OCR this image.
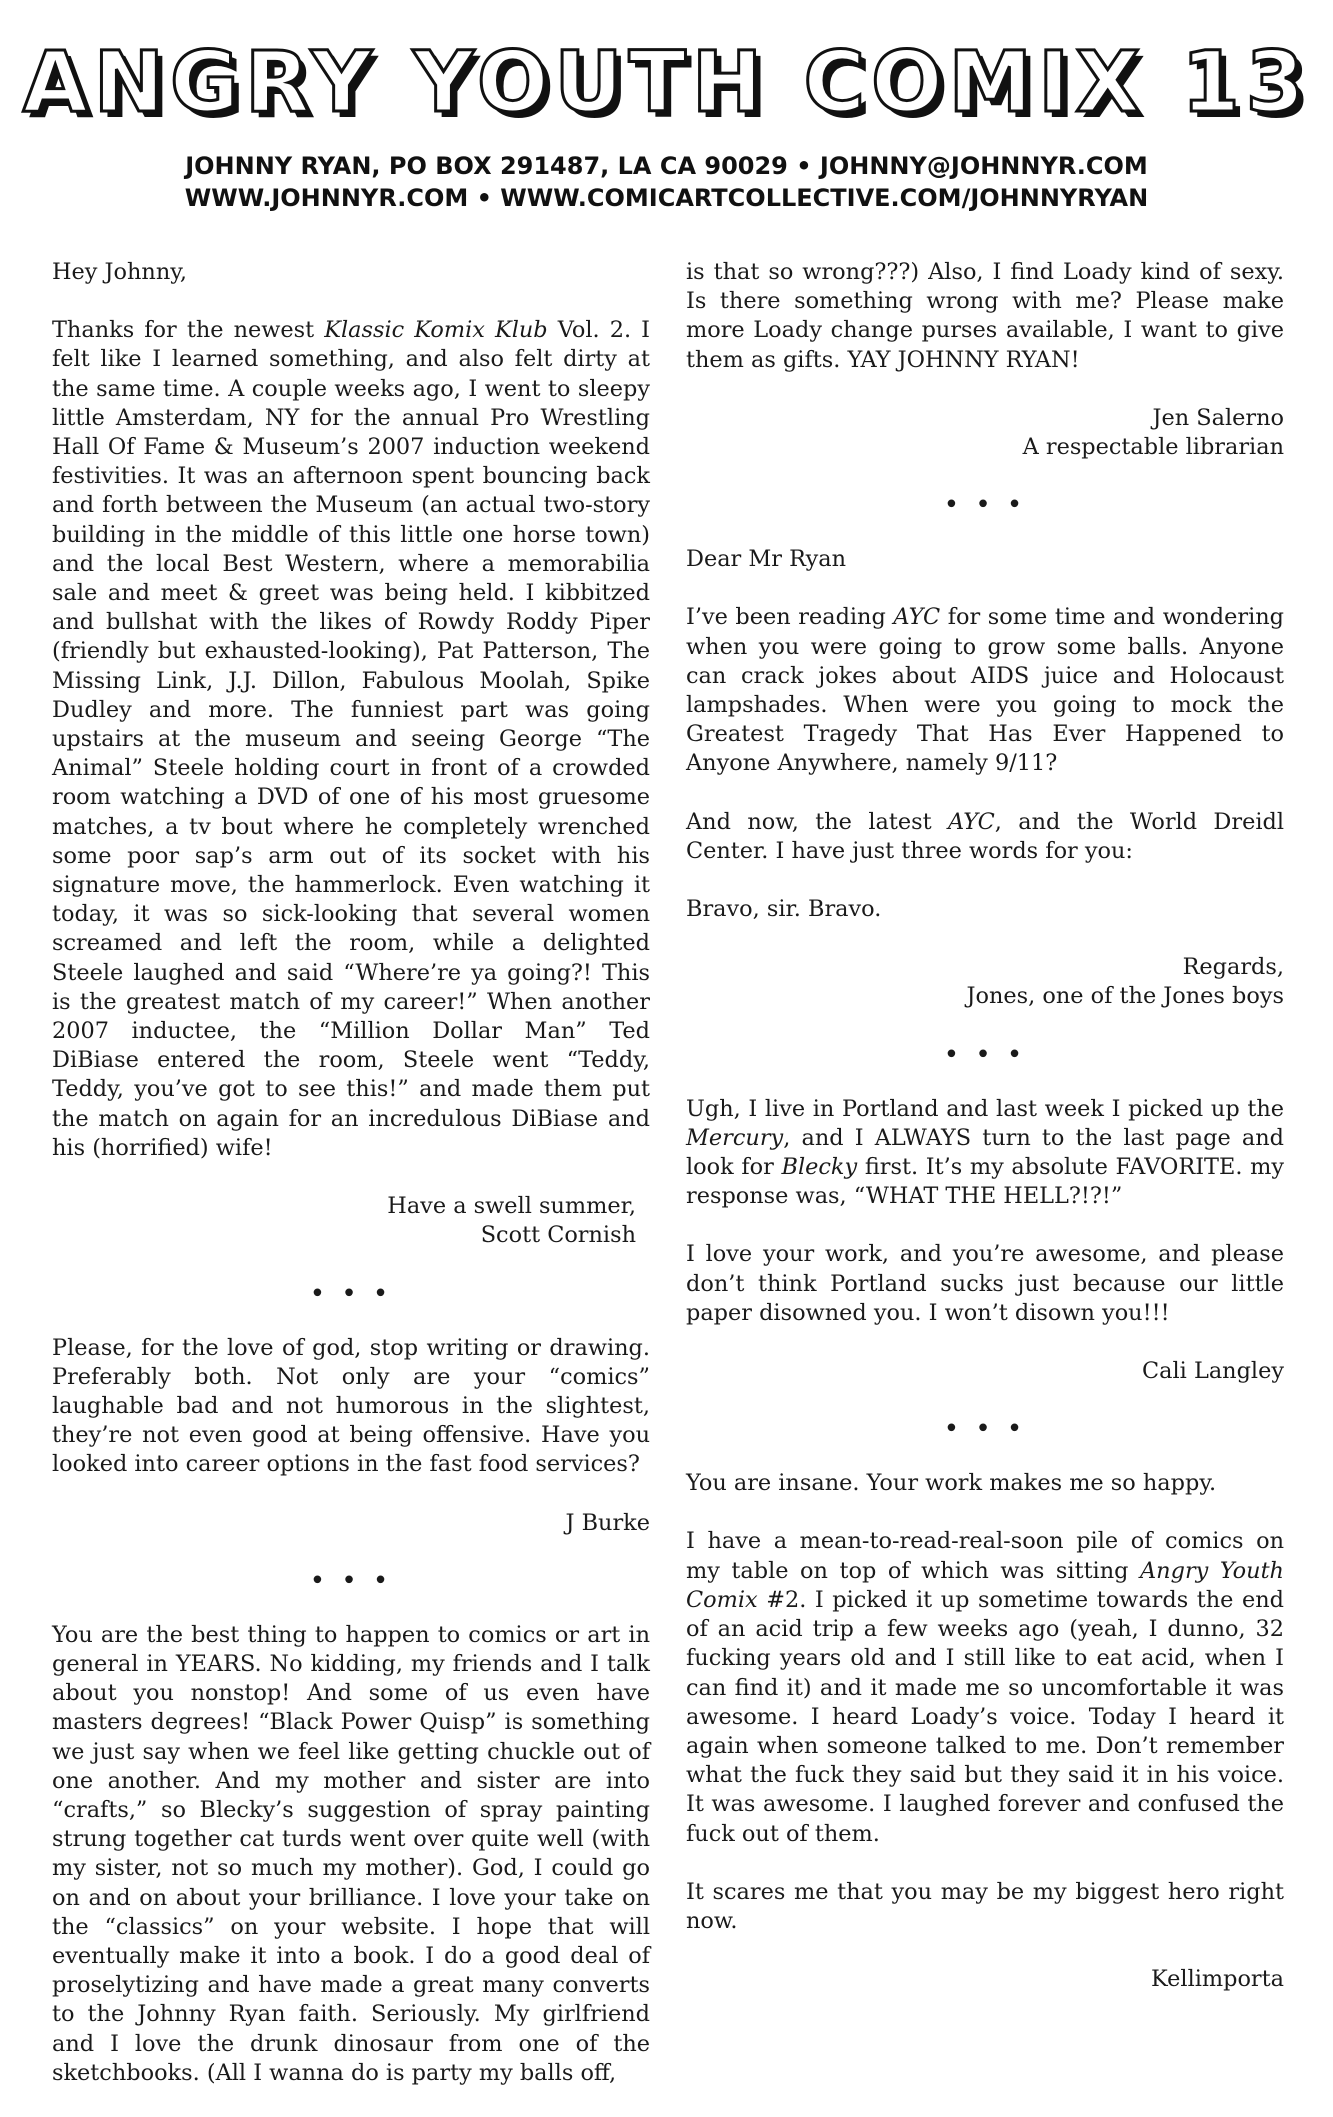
ANGRY YOUTH COMIX 13
JOHNNY RYAN, PO BOX 291487, LA CA 90029 • JOHNNY@JOHNNYR.COM
WWW.JOHNNYR.COM • WWW.COMICARTCOLLECTIVE.COM/JOHNNYRYAN

Hey Johnny,

Thanks for the newest Klassic Komix Klub Vol. 2. I felt like I learned something, and also felt dirty at the same time. A couple weeks ago, I went to sleepy little Amsterdam, NY for the annual Pro Wrestling Hall Of Fame & Museum’s 2007 induction weekend festivities. It was an afternoon spent bouncing back and forth between the Museum (an actual two-story building in the middle of this little one horse town) and the local Best Western, where a memorabilia sale and meet & greet was being held. I kibbitzed and bullshat with the likes of Rowdy Roddy Piper (friendly but exhausted-looking), Pat Patterson, The Missing Link, J.J. Dillon, Fabulous Moolah, Spike Dudley and more. The funniest part was going upstairs at the museum and seeing George “The Animal” Steele holding court in front of a crowded room watching a DVD of one of his most gruesome matches, a tv bout where he completely wrenched some poor sap’s arm out of its socket with his signature move, the hammerlock. Even watching it today, it was so sick-looking that several women screamed and left the room, while a delighted Steele laughed and said “Where’re ya going?! This is the greatest match of my career!” When another 2007 inductee, the “Million Dollar Man” Ted DiBiase entered the room, Steele went “Teddy, Teddy, you’ve got to see this!” and made them put the match on again for an incredulous DiBiase and his (horrified) wife!

Have a swell summer,
Scott Cornish
• • •

Please, for the love of god, stop writing or drawing. Preferably both. Not only are your “comics” laughable bad and not humorous in the slightest, they’re not even good at being offensive. Have you looked into career options in the fast food services?

J Burke
• • •

You are the best thing to happen to comics or art in general in YEARS. No kidding, my friends and I talk about you nonstop! And some of us even have masters degrees! “Black Power Quisp” is something we just say when we feel like getting chuckle out of one another. And my mother and sister are into “crafts,” so Blecky’s suggestion of spray painting strung together cat turds went over quite well (with my sister, not so much my mother). God, I could go on and on about your brilliance. I love your take on the “classics” on your website. I hope that will eventually make it into a book. I do a good deal of proselytizing and have made a great many converts to the Johnny Ryan faith. Seriously. My girlfriend and I love the drunk dinosaur from one of the sketchbooks. (All I wanna do is party my balls off,

is that so wrong???) Also, I find Loady kind of sexy. Is there something wrong with me? Please make more Loady change purses available, I want to give them as gifts. YAY JOHNNY RYAN!

Jen Salerno
A respectable librarian
• • •

Dear Mr Ryan

I’ve been reading AYC for some time and wondering when you were going to grow some balls. Anyone can crack jokes about AIDS juice and Holocaust lampshades. When were you going to mock the Greatest Tragedy That Has Ever Happened to Anyone Anywhere, namely 9/11?

And now, the latest AYC, and the World Dreidl Center. I have just three words for you:

Bravo, sir. Bravo.

Regards,
Jones, one of the Jones boys
• • •

Ugh, I live in Portland and last week I picked up the Mercury, and I ALWAYS turn to the last page and look for Blecky first. It’s my absolute FAVORITE. my response was, “WHAT THE HELL?!?!”

I love your work, and you’re awesome, and please don’t think Portland sucks just because our little paper disowned you. I won’t disown you!!!

Cali Langley
• • •

You are insane. Your work makes me so happy.

I have a mean-to-read-real-soon pile of comics on my table on top of which was sitting Angry Youth Comix #2. I picked it up sometime towards the end of an acid trip a few weeks ago (yeah, I dunno, 32 fucking years old and I still like to eat acid, when I can find it) and it made me so uncomfortable it was awesome. I heard Loady’s voice. Today I heard it again when someone talked to me. Don’t remember what the fuck they said but they said it in his voice. It was awesome. I laughed forever and confused the fuck out of them.

It scares me that you may be my biggest hero right now.

Kellimporta
